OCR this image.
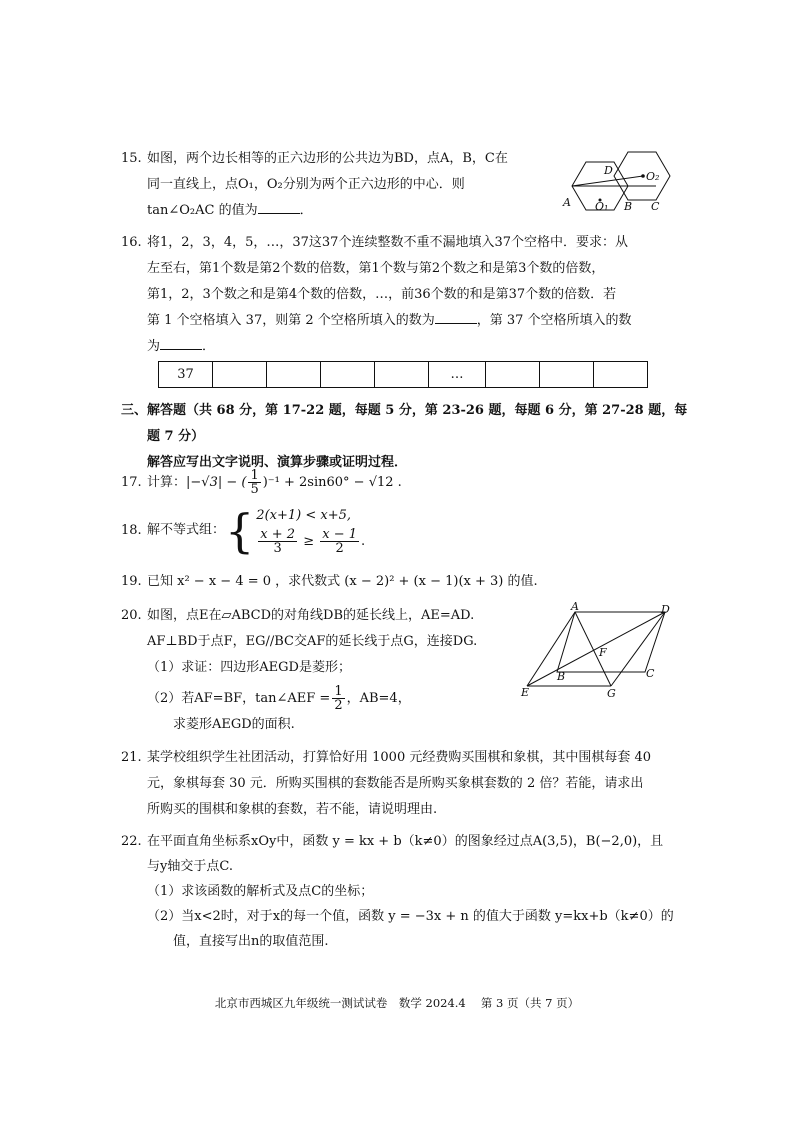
15. 如图，两个边长相等的正六边形的公共边为BD，点A，B，C在
同一直线上，点O₁，O₂分别为两个正六边形的中心．则
tan∠O₂AC 的值为	．
D	O₂
A O₁ B C
16. 将1，2，3，4，5，…，37这37个连续整数不重不漏地填入37个空格中．要求：从
左至右，第1个数是第2个数的倍数，第1个数与第2个数之和是第3个数的倍数，
第1，2，3个数之和是第4个数的倍数，…，前36个数的和是第37个数的倍数．若
第 1 个空格填入 37，则第 2 个空格所填入的数为	，第 37 个空格所填入的数
为	．
37					…			
三、解答题（共 68 分，第 17-22 题，每题 5 分，第 23-26 题，每题 6 分，第 27-28 题，每
题 7 分）
解答应写出文字说明、演算步骤或证明过程．
17. 计算：|−√3| − ( $\frac{1}{5} )^{-1} + 2\sin 60^\circ - √12$ .
18. 解不等式组：{ 2(x+1) < x+5,
$\frac{x + 2}{3} \ge \frac{x - 1}{2}$ .
19. 已知 x² − x − 4 = 0 ，求代数式 (x − 2)² + (x − 1)(x + 3) 的值.
20. 如图，点E在▱ABCD的对角线DB的延长线上，AE=AD.
AF⊥BD于点F，EG//BC交AF的延长线于点G，连接DG.
（1）求证：四边形AEGD是菱形；
（2）若AF=BF，tan∠AEF = $\frac{1}{2}$ ，AB=4，
求菱形AEGD的面积.
A	D
F
B	C
E	G
21. 某学校组织学生社团活动，打算恰好用 1000 元经费购买围棋和象棋，其中围棋每套 40
元，象棋每套 30 元．所购买围棋的套数能否是所购买象棋套数的 2 倍？若能，请求出
所购买的围棋和象棋的套数，若不能，请说明理由.
22. 在平面直角坐标系xOy中，函数 y = kx + b（k≠0）的图象经过点A(3,5)，B(−2,0)，且
与y轴交于点C.
（1）求该函数的解析式及点C的坐标；
（2）当x<2时，对于x的每一个值，函数 y = −3x + n 的值大于函数 y=kx+b（k≠0）的
值，直接写出n的取值范围.
北京市西城区九年级统一测试试卷　数学 2024.4　 第 3 页（共 7 页）
